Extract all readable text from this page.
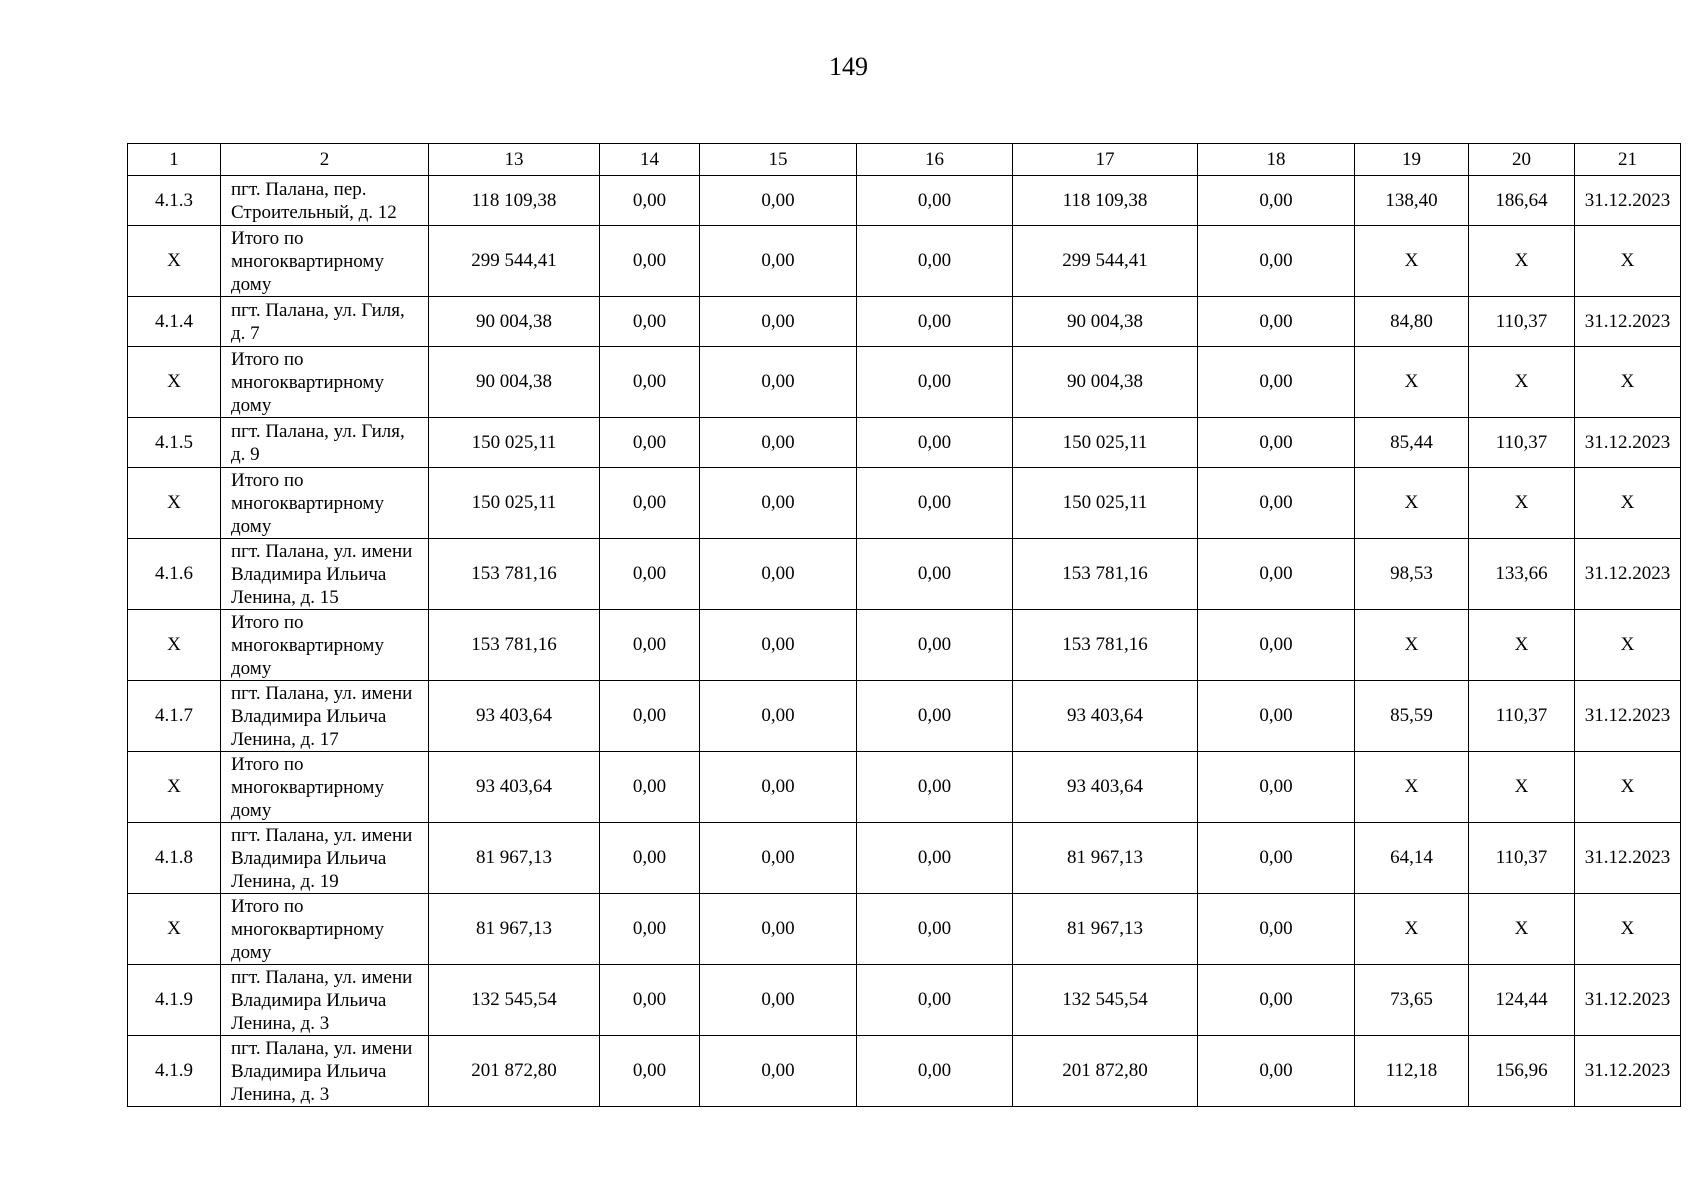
149
1	2	13	14	15	16	17	18	19	20	21
4.1.3	пгт. Палана, пер. Строительный, д. 12	118 109,38	0,00	0,00	0,00	118 109,38	0,00	138,40	186,64	31.12.2023
X	Итого по многоквартирному дому	299 544,41	0,00	0,00	0,00	299 544,41	0,00	X	X	X
4.1.4	пгт. Палана, ул. Гиля, д. 7	90 004,38	0,00	0,00	0,00	90 004,38	0,00	84,80	110,37	31.12.2023
X	Итого по многоквартирному дому	90 004,38	0,00	0,00	0,00	90 004,38	0,00	X	X	X
4.1.5	пгт. Палана, ул. Гиля, д. 9	150 025,11	0,00	0,00	0,00	150 025,11	0,00	85,44	110,37	31.12.2023
X	Итого по многоквартирному дому	150 025,11	0,00	0,00	0,00	150 025,11	0,00	X	X	X
4.1.6	пгт. Палана, ул. имени Владимира Ильича Ленина, д. 15	153 781,16	0,00	0,00	0,00	153 781,16	0,00	98,53	133,66	31.12.2023
X	Итого по многоквартирному дому	153 781,16	0,00	0,00	0,00	153 781,16	0,00	X	X	X
4.1.7	пгт. Палана, ул. имени Владимира Ильича Ленина, д. 17	93 403,64	0,00	0,00	0,00	93 403,64	0,00	85,59	110,37	31.12.2023
X	Итого по многоквартирному дому	93 403,64	0,00	0,00	0,00	93 403,64	0,00	X	X	X
4.1.8	пгт. Палана, ул. имени Владимира Ильича Ленина, д. 19	81 967,13	0,00	0,00	0,00	81 967,13	0,00	64,14	110,37	31.12.2023
X	Итого по многоквартирному дому	81 967,13	0,00	0,00	0,00	81 967,13	0,00	X	X	X
4.1.9	пгт. Палана, ул. имени Владимира Ильича Ленина, д. 3	132 545,54	0,00	0,00	0,00	132 545,54	0,00	73,65	124,44	31.12.2023
4.1.9	пгт. Палана, ул. имени Владимира Ильича Ленина, д. 3	201 872,80	0,00	0,00	0,00	201 872,80	0,00	112,18	156,96	31.12.2023
